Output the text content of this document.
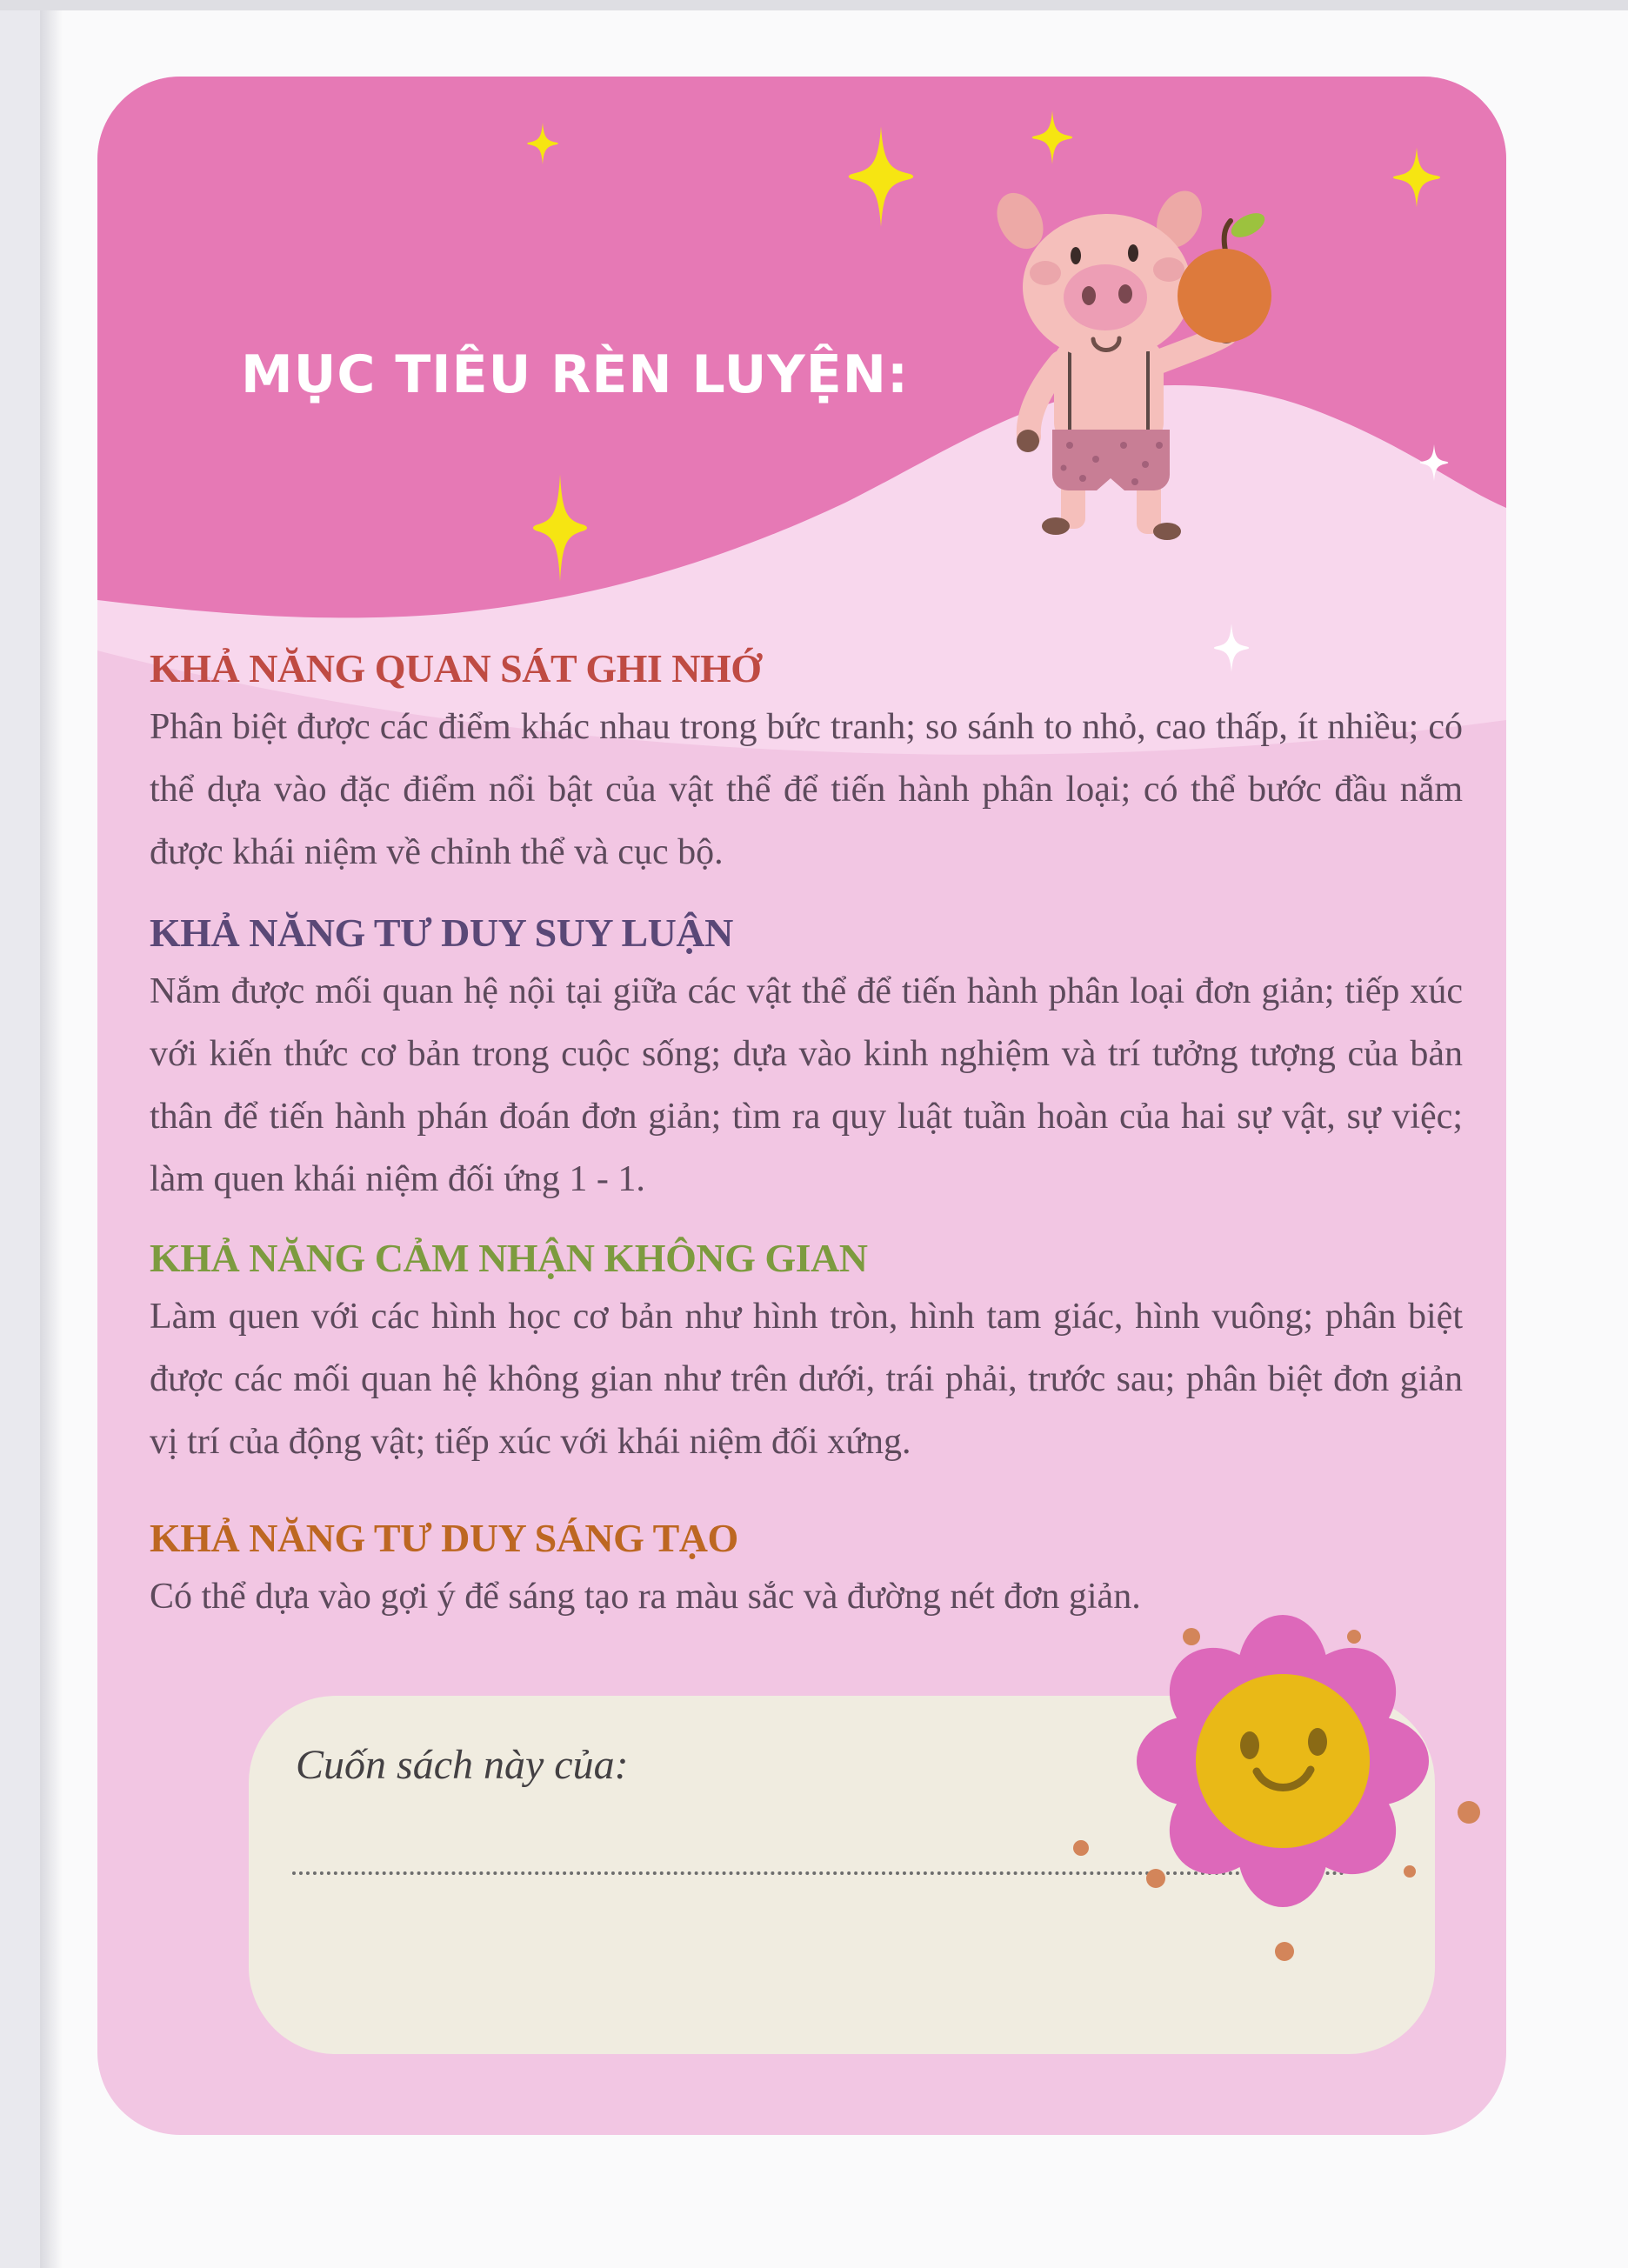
MỤC TIÊU RÈN LUYỆN:
KHẢ NĂNG QUAN SÁT GHI NHỚ
Phân biệt được các điểm khác nhau trong bức tranh; so sánh to nhỏ, cao thấp, ít nhiều; có thể dựa vào đặc điểm nổi bật của vật thể để tiến hành phân loại; có thể bước đầu nắm được khái niệm về chỉnh thể và cục bộ.
KHẢ NĂNG TƯ DUY SUY LUẬN
Nắm được mối quan hệ nội tại giữa các vật thể để tiến hành phân loại đơn giản; tiếp xúc với kiến thức cơ bản trong cuộc sống; dựa vào kinh nghiệm và trí tưởng tượng của bản thân để tiến hành phán đoán đơn giản; tìm ra quy luật tuần hoàn của hai sự vật, sự việc; làm quen khái niệm đối ứng 1 - 1.
KHẢ NĂNG CẢM NHẬN KHÔNG GIAN
Làm quen với các hình học cơ bản như hình tròn, hình tam giác, hình vuông; phân biệt được các mối quan hệ không gian như trên dưới, trái phải, trước sau; phân biệt đơn giản vị trí của động vật; tiếp xúc với khái niệm đối xứng.
KHẢ NĂNG TƯ DUY SÁNG TẠO
Có thể dựa vào gợi ý để sáng tạo ra màu sắc và đường nét đơn giản.
Cuốn sách này của:
